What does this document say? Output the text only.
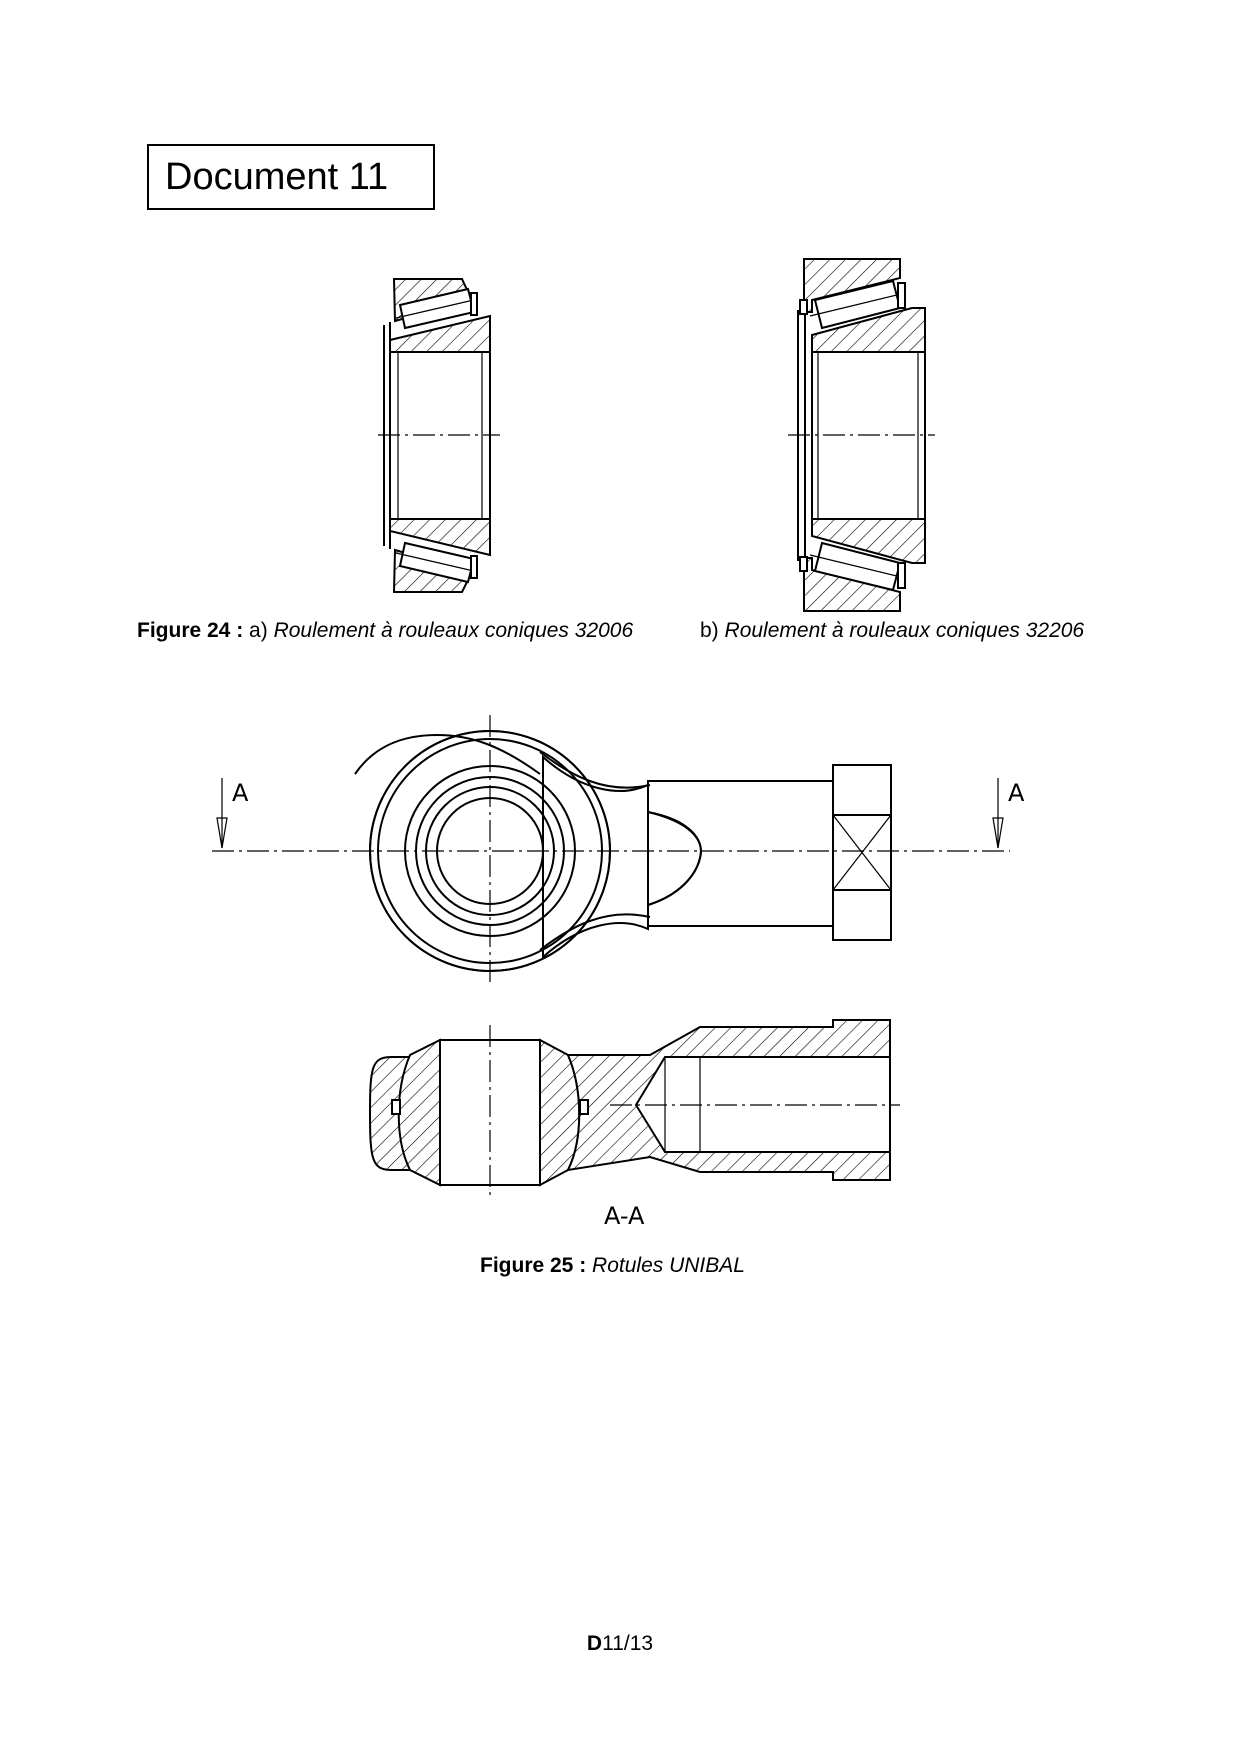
Document 11
A	A
A-A
Figure 24 : a) Roulement à rouleaux coniques 32006	b) Roulement à rouleaux coniques 32206
Figure 25 : Rotules UNIBAL
D11/13
